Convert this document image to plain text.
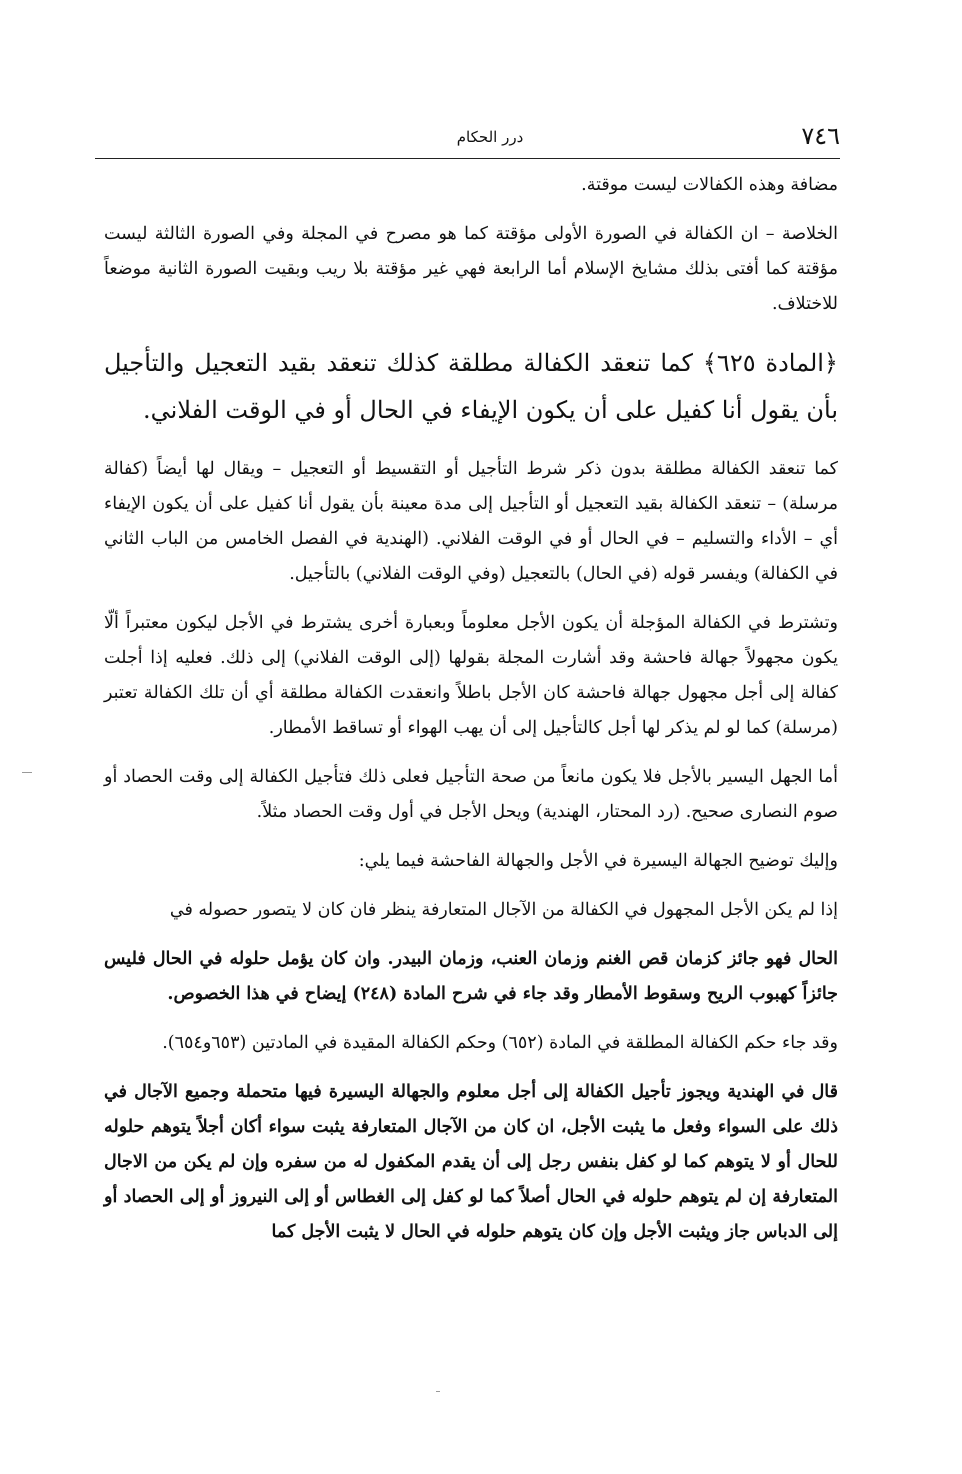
٧٤٦
درر الحكام

مضافة وهذه الكفالات ليست موقتة.

الخلاصة – ان الكفالة في الصورة الأولى مؤقتة كما هو مصرح في المجلة وفي الصورة الثالثة ليست مؤقتة كما أفتى بذلك مشايخ الإسلام أما الرابعة فهي غير مؤقتة بلا ريب وبقيت الصورة الثانية موضعاً للاختلاف.

﴿المادة ٦٢٥﴾ كما تنعقد الكفالة مطلقة كذلك تنعقد بقيد التعجيل والتأجيل بأن يقول أنا كفيل على أن يكون الإيفاء في الحال أو في الوقت الفلاني.

كما تنعقد الكفالة مطلقة بدون ذكر شرط التأجيل أو التقسيط أو التعجيل – ويقال لها أيضاً (كفالة مرسلة) – تنعقد الكفالة بقيد التعجيل أو التأجيل إلى مدة معينة بأن يقول أنا كفيل على أن يكون الإيفاء أي – الأداء والتسليم – في الحال أو في الوقت الفلاني. (الهندية في الفصل الخامس من الباب الثاني في الكفالة) ويفسر قوله (في الحال) بالتعجيل (وفي الوقت الفلاني) بالتأجيل.

وتشترط في الكفالة المؤجلة أن يكون الأجل معلوماً وبعبارة أخرى يشترط في الأجل ليكون معتبراً ألّا يكون مجهولاً جهالة فاحشة وقد أشارت المجلة بقولها (إلى الوقت الفلاني) إلى ذلك. فعليه إذا أجلت كفالة إلى أجل مجهول جهالة فاحشة كان الأجل باطلاً وانعقدت الكفالة مطلقة أي أن تلك الكفالة تعتبر (مرسلة) كما لو لم يذكر لها أجل كالتأجيل إلى أن يهب الهواء أو تساقط الأمطار.

أما الجهل اليسير بالأجل فلا يكون مانعاً من صحة التأجيل فعلى ذلك فتأجيل الكفالة إلى وقت الحصاد أو صوم النصارى صحيح. (رد المحتار، الهندية) ويحل الأجل في أول وقت الحصاد مثلاً.

وإليك توضيح الجهالة اليسيرة في الأجل والجهالة الفاحشة فيما يلي:

إذا لم يكن الأجل المجهول في الكفالة من الآجال المتعارفة ينظر فان كان لا يتصور حصوله في

الحال فهو جائز كزمان قص الغنم وزمان العنب، وزمان البيدر. وان كان يؤمل حلوله في الحال فليس جائزاً كهبوب الريح وسقوط الأمطار وقد جاء في شرح المادة (٢٤٨) إيضاح في هذا الخصوص.

وقد جاء حكم الكفالة المطلقة في المادة (٦٥٢) وحكم الكفالة المقيدة في المادتين (٦٥٣و٦٥٤).

قال في الهندية ويجوز تأجيل الكفالة إلى أجل معلوم والجهالة اليسيرة فيها متحملة وجميع الآجال في ذلك على السواء وفعل ما يثبت الأجل، ان كان من الآجال المتعارفة يثبت سواء أكان أجلاً يتوهم حلوله للحال أو لا يتوهم كما لو كفل بنفس رجل إلى أن يقدم المكفول له من سفره وإن لم يكن من الاجال المتعارفة إن لم يتوهم حلوله في الحال أصلاً كما لو كفل إلى الغطاس أو إلى النيروز أو إلى الحصاد أو إلى الدباس جاز ويثبت الأجل وإن كان يتوهم حلوله في الحال لا يثبت الأجل كما
